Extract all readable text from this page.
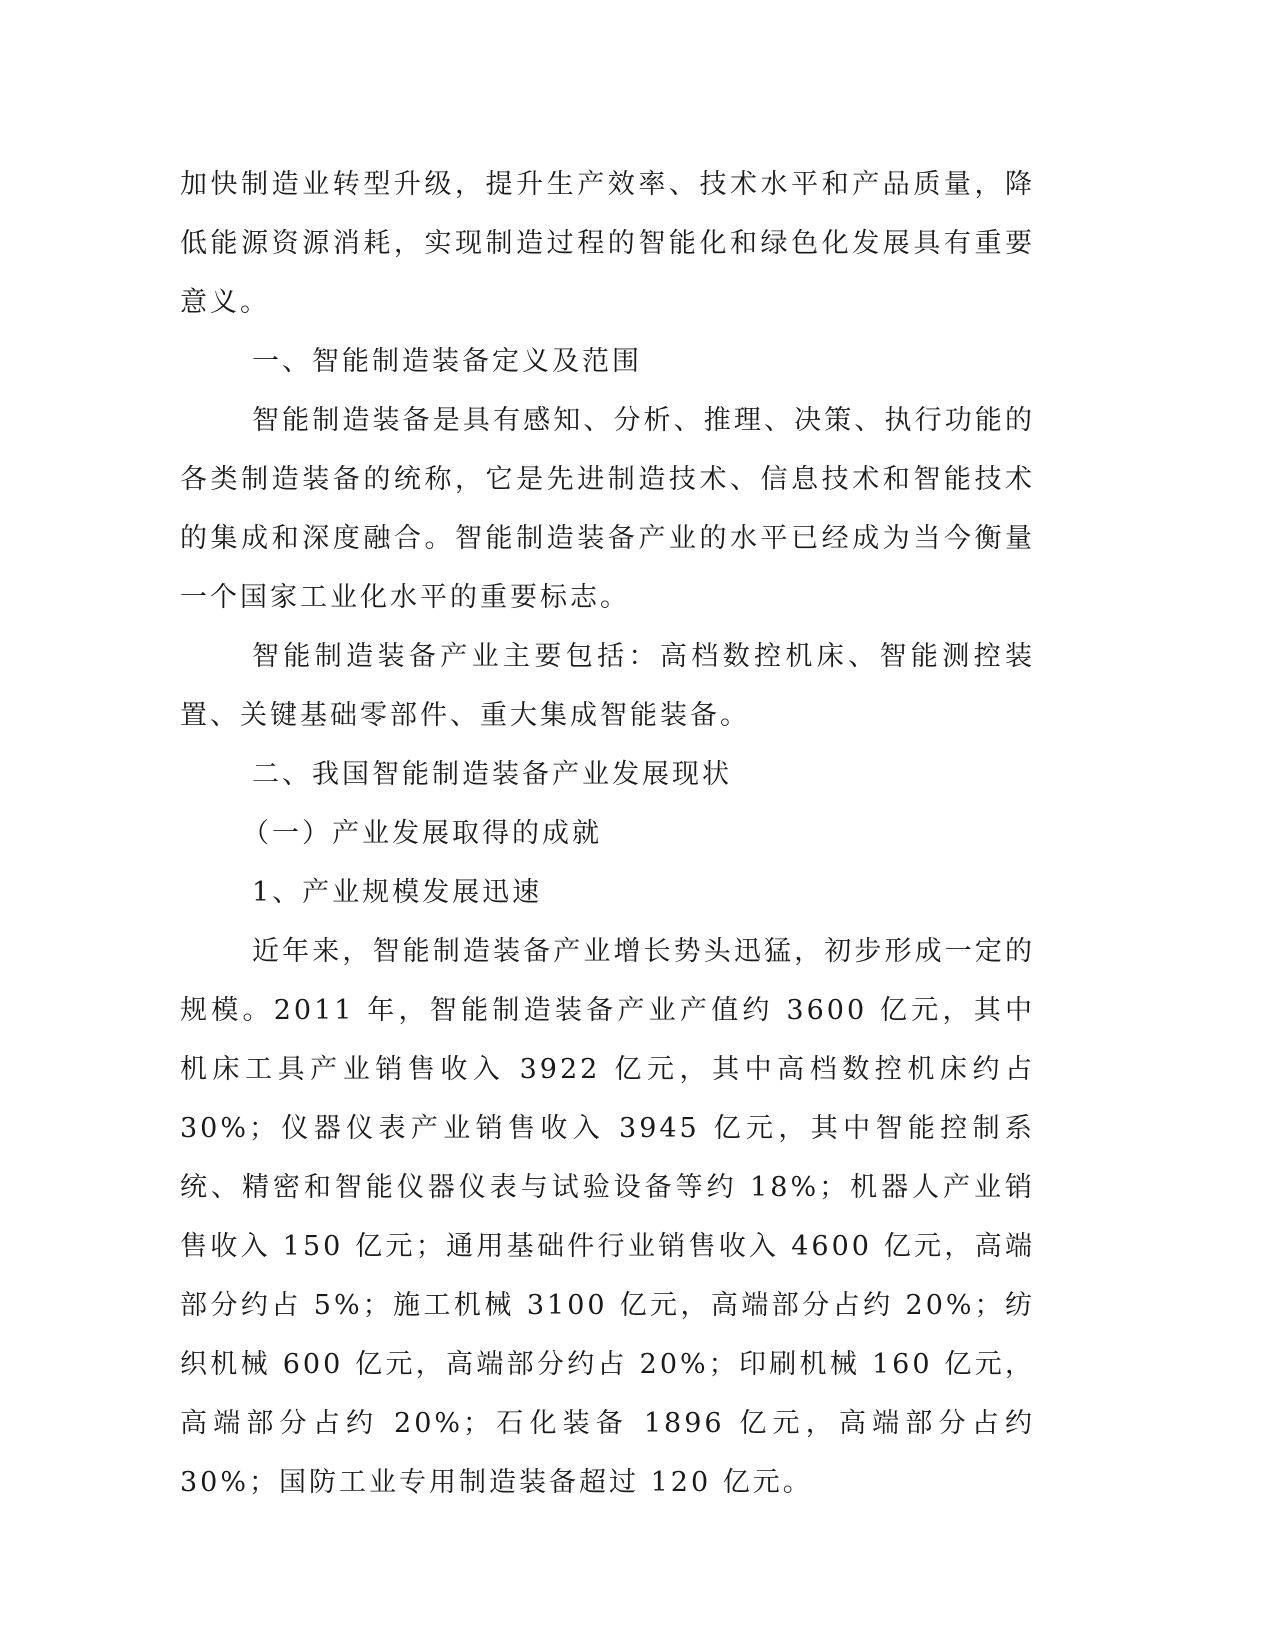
加快制造业转型升级，提升生产效率、技术水平和产品质量，降低能源资源消耗，实现制造过程的智能化和绿色化发展具有重要意义。

一、智能制造装备定义及范围

智能制造装备是具有感知、分析、推理、决策、执行功能的各类制造装备的统称，它是先进制造技术、信息技术和智能技术的集成和深度融合。智能制造装备产业的水平已经成为当今衡量一个国家工业化水平的重要标志。

智能制造装备产业主要包括：高档数控机床、智能测控装置、关键基础零部件、重大集成智能装备。

二、我国智能制造装备产业发展现状

（一）产业发展取得的成就

1、产业规模发展迅速

近年来，智能制造装备产业增长势头迅猛，初步形成一定的规模。2011 年，智能制造装备产业产值约 3600 亿元，其中机床工具产业销售收入 3922 亿元，其中高档数控机床约占 30%；仪器仪表产业销售收入 3945 亿元，其中智能控制系统、精密和智能仪器仪表与试验设备等约 18%；机器人产业销售收入 150 亿元；通用基础件行业销售收入 4600 亿元，高端部分约占 5%；施工机械 3100 亿元，高端部分占约 20%；纺织机械 600 亿元，高端部分约占 20%；印刷机械 160 亿元，高端部分占约 20%；石化装备 1896 亿元，高端部分占约 30%；国防工业专用制造装备超过 120 亿元。
